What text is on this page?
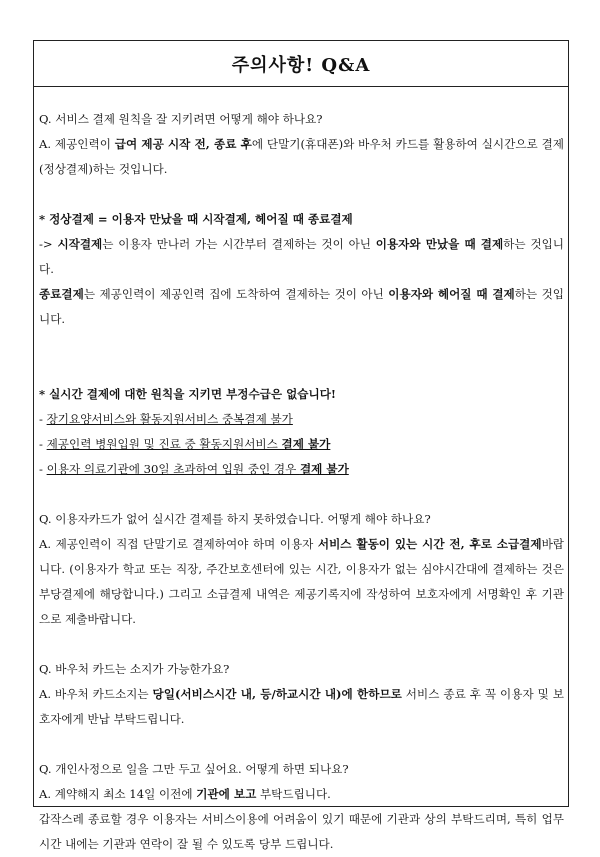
주의사항! Q&A

Q. 서비스 결제 원칙을 잘 지키려면 어떻게 해야 하나요?

A. 제공인력이 급여 제공 시작 전, 종료 후에 단말기(휴대폰)와 바우처 카드를 활용하여 실시간으로 결제(정상결제)하는 것입니다.

* 정상결제 = 이용자 만났을 때 시작결제, 헤어질 때 종료결제

-> 시작결제는 이용자 만나러 가는 시간부터 결제하는 것이 아닌 이용자와 만났을 때 결제하는 것입니다.

종료결제는 제공인력이 제공인력 집에 도착하여 결제하는 것이 아닌 이용자와 헤어질 때 결제하는 것입니다.

* 실시간 결제에 대한 원칙을 지키면 부정수급은 없습니다!

- 장기요양서비스와 활동지원서비스 중복결제 불가

- 제공인력 병원입원 및 진료 중 활동지원서비스 결제 불가

- 이용자 의료기관에 30일 초과하여 입원 중인 경우 결제 불가

Q. 이용자카드가 없어 실시간 결제를 하지 못하였습니다. 어떻게 해야 하나요?

A. 제공인력이 직접 단말기로 결제하여야 하며 이용자 서비스 활동이 있는 시간 전, 후로 소급결제바랍니다. (이용자가 학교 또는 직장, 주간보호센터에 있는 시간, 이용자가 없는 심야시간대에 결제하는 것은 부당결제에 해당합니다.) 그리고 소급결제 내역은 제공기록지에 작성하여 보호자에게 서명확인 후 기관으로 제출바랍니다.

Q. 바우처 카드는 소지가 가능한가요?

A. 바우처 카드소지는 당일(서비스시간 내, 등/하교시간 내)에 한하므로 서비스 종료 후 꼭 이용자 및 보호자에게 반납 부탁드립니다.

Q. 개인사정으로 일을 그만 두고 싶어요. 어떻게 하면 되나요?

A. 계약해지 최소 14일 이전에 기관에 보고 부탁드립니다.

갑작스레 종료할 경우 이용자는 서비스이용에 어려움이 있기 때문에 기관과 상의 부탁드리며, 특히 업무시간 내에는 기관과 연락이 잘 될 수 있도록 당부 드립니다.
